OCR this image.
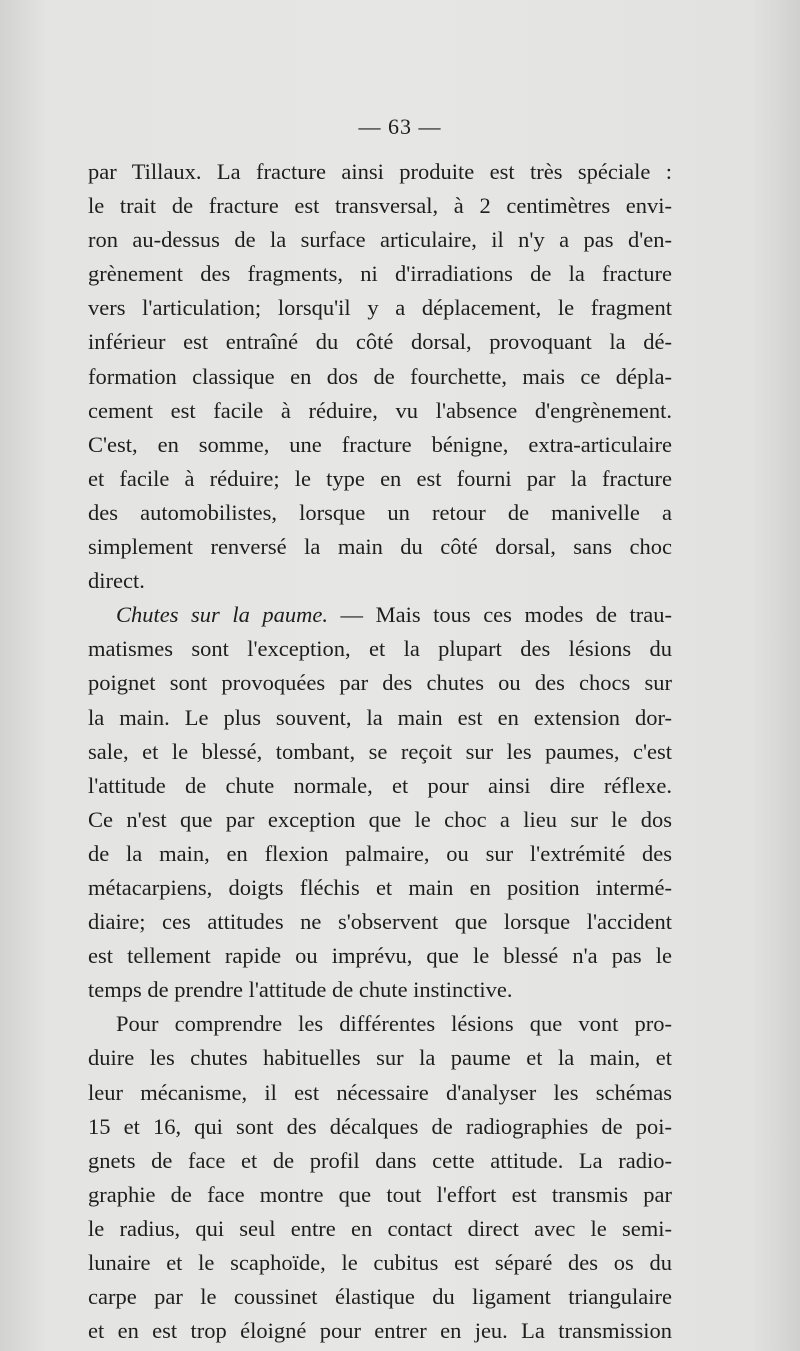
— 63 —
par Tillaux. La fracture ainsi produite est très spéciale :
le trait de fracture est transversal, à 2 centimètres envi-
ron au-dessus de la surface articulaire, il n'y a pas d'en-
grènement des fragments, ni d'irradiations de la fracture
vers l'articulation; lorsqu'il y a déplacement, le fragment
inférieur est entraîné du côté dorsal, provoquant la dé-
formation classique en dos de fourchette, mais ce dépla-
cement est facile à réduire, vu l'absence d'engrènement.
C'est, en somme, une fracture bénigne, extra-articulaire
et facile à réduire; le type en est fourni par la fracture
des automobilistes, lorsque un retour de manivelle a
simplement renversé la main du côté dorsal, sans choc
direct.
Chutes sur la paume. — Mais tous ces modes de trau-
matismes sont l'exception, et la plupart des lésions du
poignet sont provoquées par des chutes ou des chocs sur
la main. Le plus souvent, la main est en extension dor-
sale, et le blessé, tombant, se reçoit sur les paumes, c'est
l'attitude de chute normale, et pour ainsi dire réflexe.
Ce n'est que par exception que le choc a lieu sur le dos
de la main, en flexion palmaire, ou sur l'extrémité des
métacarpiens, doigts fléchis et main en position intermé-
diaire; ces attitudes ne s'observent que lorsque l'accident
est tellement rapide ou imprévu, que le blessé n'a pas le
temps de prendre l'attitude de chute instinctive.
Pour comprendre les différentes lésions que vont pro-
duire les chutes habituelles sur la paume et la main, et
leur mécanisme, il est nécessaire d'analyser les schémas
15 et 16, qui sont des décalques de radiographies de poi-
gnets de face et de profil dans cette attitude. La radio-
graphie de face montre que tout l'effort est transmis par
le radius, qui seul entre en contact direct avec le semi-
lunaire et le scaphoïde, le cubitus est séparé des os du
carpe par le coussinet élastique du ligament triangulaire
et en est trop éloigné pour entrer en jeu. La transmission
